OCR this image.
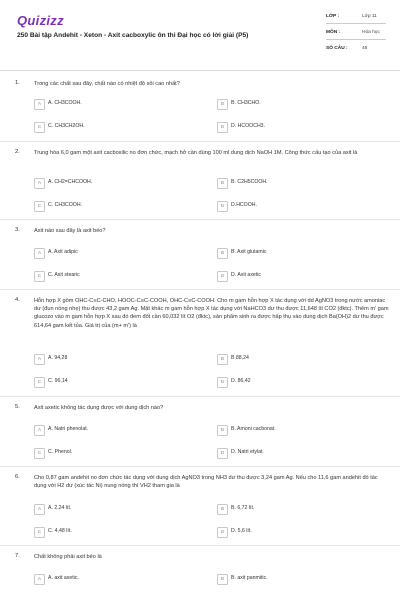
Quizizz
250 Bài tập Andehit - Xeton - Axit cacboxylic ôn thi Đại học có lời giải (P5)
LỚP :	Lớp 11
MÔN :	Hóa học
SỐ CÂU :	48
1.	Trong các chất sau đây, chất nào có nhiệt độ sôi cao nhất?
A	A. CH3COOH.	B	B. CH3CHO.
C	C. CH3CH2OH.	D	D. HCOOCH3.
2.	Trung hòa 6,0 gam một axit cacboxilic no đơn chức, mạch hở cần dùng 100 ml dung dịch NaOH 1M. Công thức cấu tạo của axit là
A	A. CH2=CHCOOH.	B	B. C2H5COOH.
C	C. CH3COOH.	D	D.HCOOH.
3.	Axit nào sau đây là axit béo?
A	A. Axit adipic	B	B. Axit glutamic
C	C. Axit stearic	D	D. Axit axetic
4.	Hỗn hợp X gồm OHC-C≡C-CHO, HOOC-C≡C-COOH, OHC-C≡C-COOH. Cho m gam hỗn hợp X tác dụng với dd AgNO3 trong nước amoniac dư (đun nóng nhẹ) thu được 43,2 gam Ag. Mặt khác m gam hỗn hợp X tác dụng với NaHCO3 dư thu được 11,648 lít CO2 (đktc). Thêm m' gam glucozo vào m gam hỗn hợp X sau đó đem đốt cần 60,032 lít O2 (đktc), sản phẩm sinh ra được hấp thụ vào dung dịch Ba(OH)2 dư thu được 614,64 gam kết tủa. Giá trị của (m+ m') là
A	A. 94,28	B	B 88,24
C	C. 96,14	D	D. 86,42
5.	Axit axetic không tác dụng được với dung dịch nào?
A	A. Natri phenolat.	B	B. Amoni cacbonat.
C	C. Phenol.	D	D. Natri etylat.
6.	Cho 0,87 gam andehit no đơn chức tác dụng với dung dịch AgNO3 trong NH3 dư thu được 3,24 gam Ag. Nếu cho 11,6 gam andehit đó tác dụng với H2 dư (xúc tác Ni) nung nóng thì VH2 tham gia là
A	A. 2,24 lít.	B	B. 6,72 lít.
C	C. 4,48 lít.	D	D. 5,6 lít.
7.	Chất không phải axit béo là
A	A. axit axetic.	B	B. axit panmitic.
